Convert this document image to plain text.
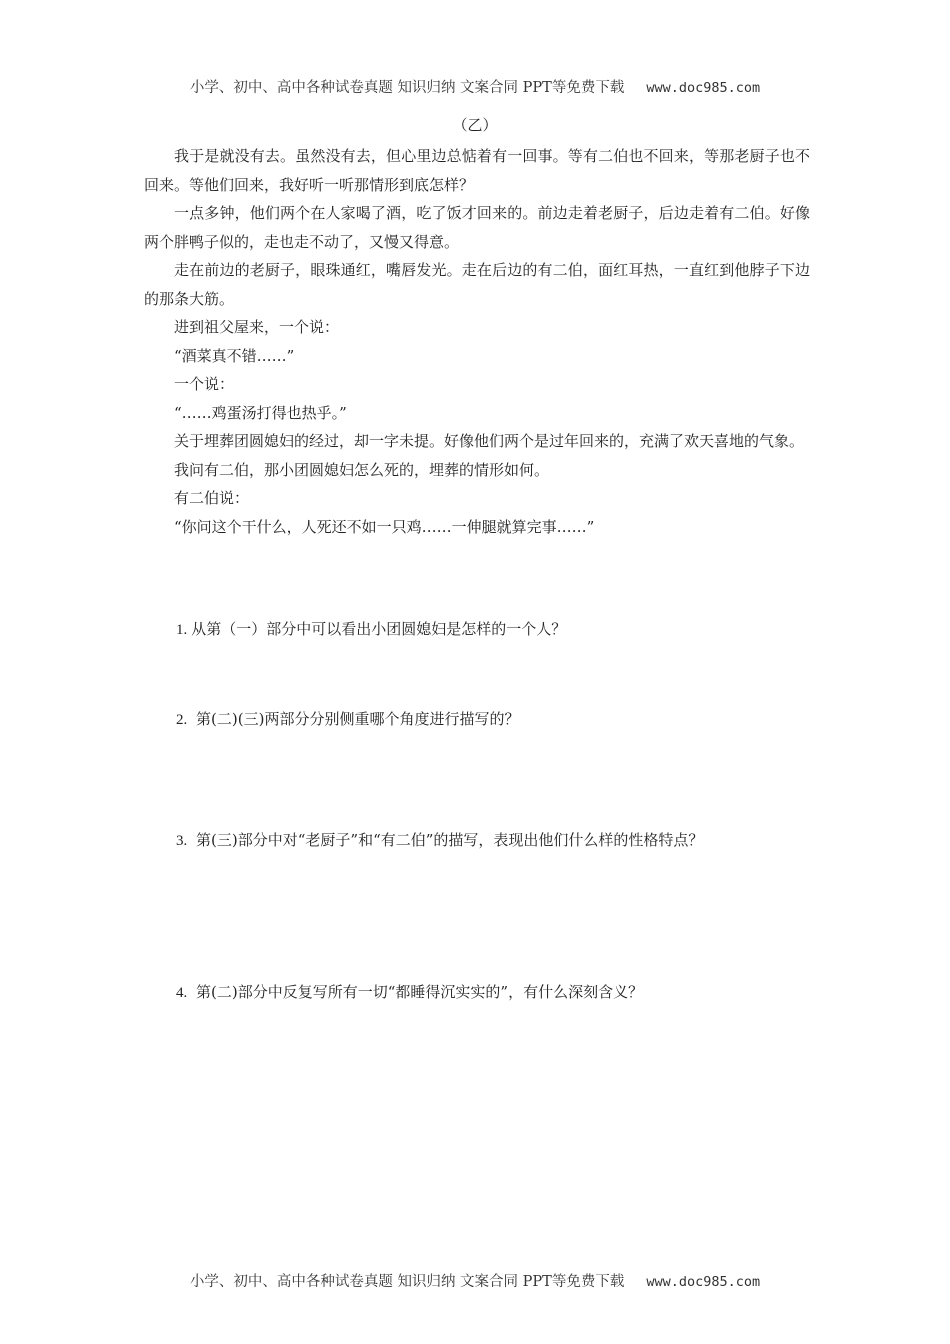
小学、初中、高中各种试卷真题 知识归纳 文案合同 PPT等免费下载 www.doc985.com
（乙）

我于是就没有去。虽然没有去，但心里边总惦着有一回事。等有二伯也不回来，等那老厨子也不回来。等他们回来，我好听一听那情形到底怎样？

一点多钟，他们两个在人家喝了酒，吃了饭才回来的。前边走着老厨子，后边走着有二伯。好像两个胖鸭子似的，走也走不动了，又慢又得意。

走在前边的老厨子，眼珠通红，嘴唇发光。走在后边的有二伯，面红耳热，一直红到他脖子下边的那条大筋。

进到祖父屋来，一个说：

“酒菜真不错……”

一个说：

“……鸡蛋汤打得也热乎。”

关于埋葬团圆媳妇的经过，却一字未提。好像他们两个是过年回来的，充满了欢天喜地的气象。

我问有二伯，那小团圆媳妇怎么死的，埋葬的情形如何。

有二伯说：

“你问这个干什么，人死还不如一只鸡……一伸腿就算完事……”

1. 从第（一）部分中可以看出小团圆媳妇是怎样的一个人？
2. 第(二)(三)两部分分别侧重哪个角度进行描写的？
3. 第(三)部分中对“老厨子”和“有二伯”的描写，表现出他们什么样的性格特点？
4. 第(二)部分中反复写所有一切“都睡得沉实实的”，有什么深刻含义？
小学、初中、高中各种试卷真题 知识归纳 文案合同 PPT等免费下载 www.doc985.com
